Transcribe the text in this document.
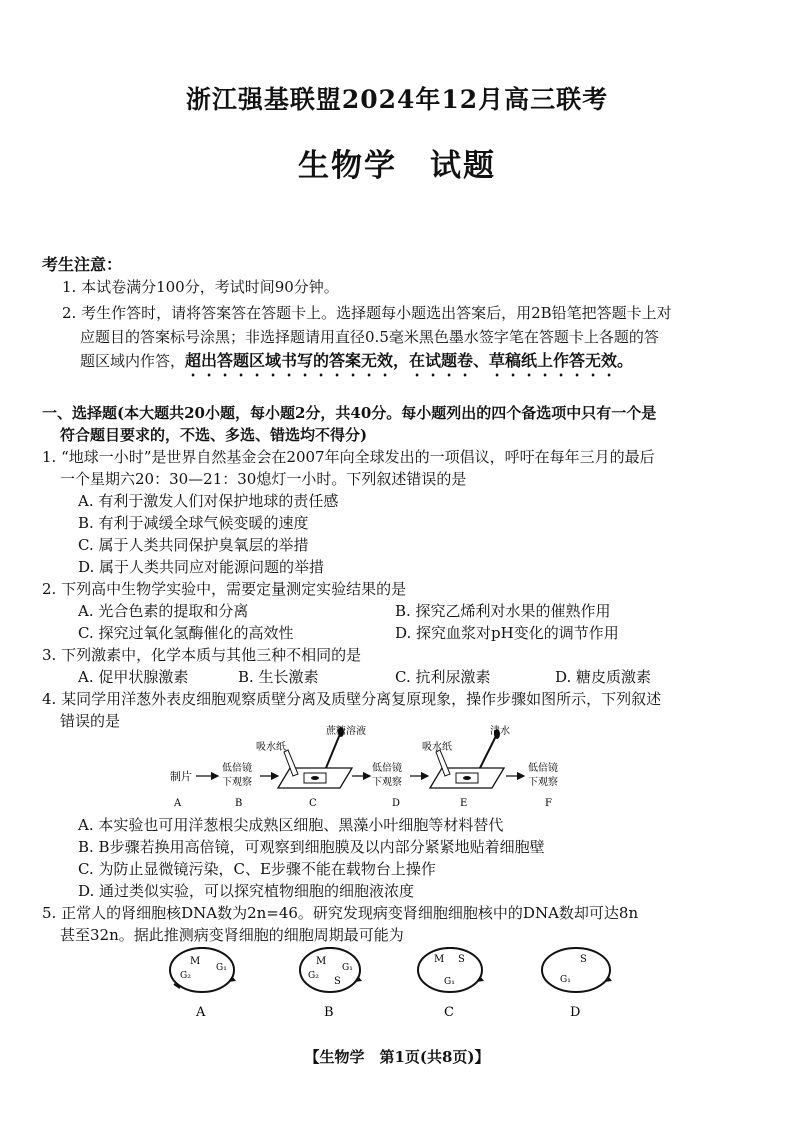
浙江强基联盟2024年12月高三联考
生物学　试题
考生注意：
1. 本试卷满分100分，考试时间90分钟。
2. 考生作答时，请将答案答在答题卡上。选择题每小题选出答案后，用2B铅笔把答题卡上对
应题目的答案标号涂黑；非选择题请用直径0.5毫米黑色墨水签字笔在答题卡上各题的答
题区域内作答，超出答题区域书写的答案无效，在试题卷、草稿纸上作答无效。
一、选择题(本大题共20小题，每小题2分，共40分。每小题列出的四个备选项中只有一个是
符合题目要求的，不选、多选、错选均不得分)
1. “地球一小时”是世界自然基金会在2007年向全球发出的一项倡议，呼吁在每年三月的最后
一个星期六20：30—21：30熄灯一小时。下列叙述错误的是
A. 有利于激发人们对保护地球的责任感
B. 有利于减缓全球气候变暖的速度
C. 属于人类共同保护臭氧层的举措
D. 属于人类共同应对能源问题的举措
2. 下列高中生物学实验中，需要定量测定实验结果的是
A. 光合色素的提取和分离	B. 探究乙烯利对水果的催熟作用
C. 探究过氧化氢酶催化的高效性	D. 探究血浆对pH变化的调节作用
3. 下列激素中，化学本质与其他三种不相同的是
A. 促甲状腺激素	B. 生长激素	C. 抗利尿激素	D. 糖皮质激素
4. 某同学用洋葱外表皮细胞观察质壁分离及质壁分离复原现象，操作步骤如图所示，下列叙述
错误的是
制片
A
低倍镜
下观察
B
蔗糖溶液
吸水纸
C
低倍镜
下观察
D
清水
吸水纸
E
低倍镜
下观察
F
A. 本实验也可用洋葱根尖成熟区细胞、黑藻小叶细胞等材料替代
B. B步骤若换用高倍镜，可观察到细胞膜及以内部分紧紧地贴着细胞壁
C. 为防止显微镜污染，C、E步骤不能在载物台上操作
D. 通过类似实验，可以探究植物细胞的细胞液浓度
5. 正常人的肾细胞核DNA数为2n=46。研究发现病变肾细胞细胞核中的DNA数却可达8n
甚至32n。据此推测病变肾细胞的细胞周期最可能为
M
G₁
G₂
A
M
G₁
G₂ S
B
M S
G₁
C
S
G₁
D
【生物学　第1页(共8页)】
